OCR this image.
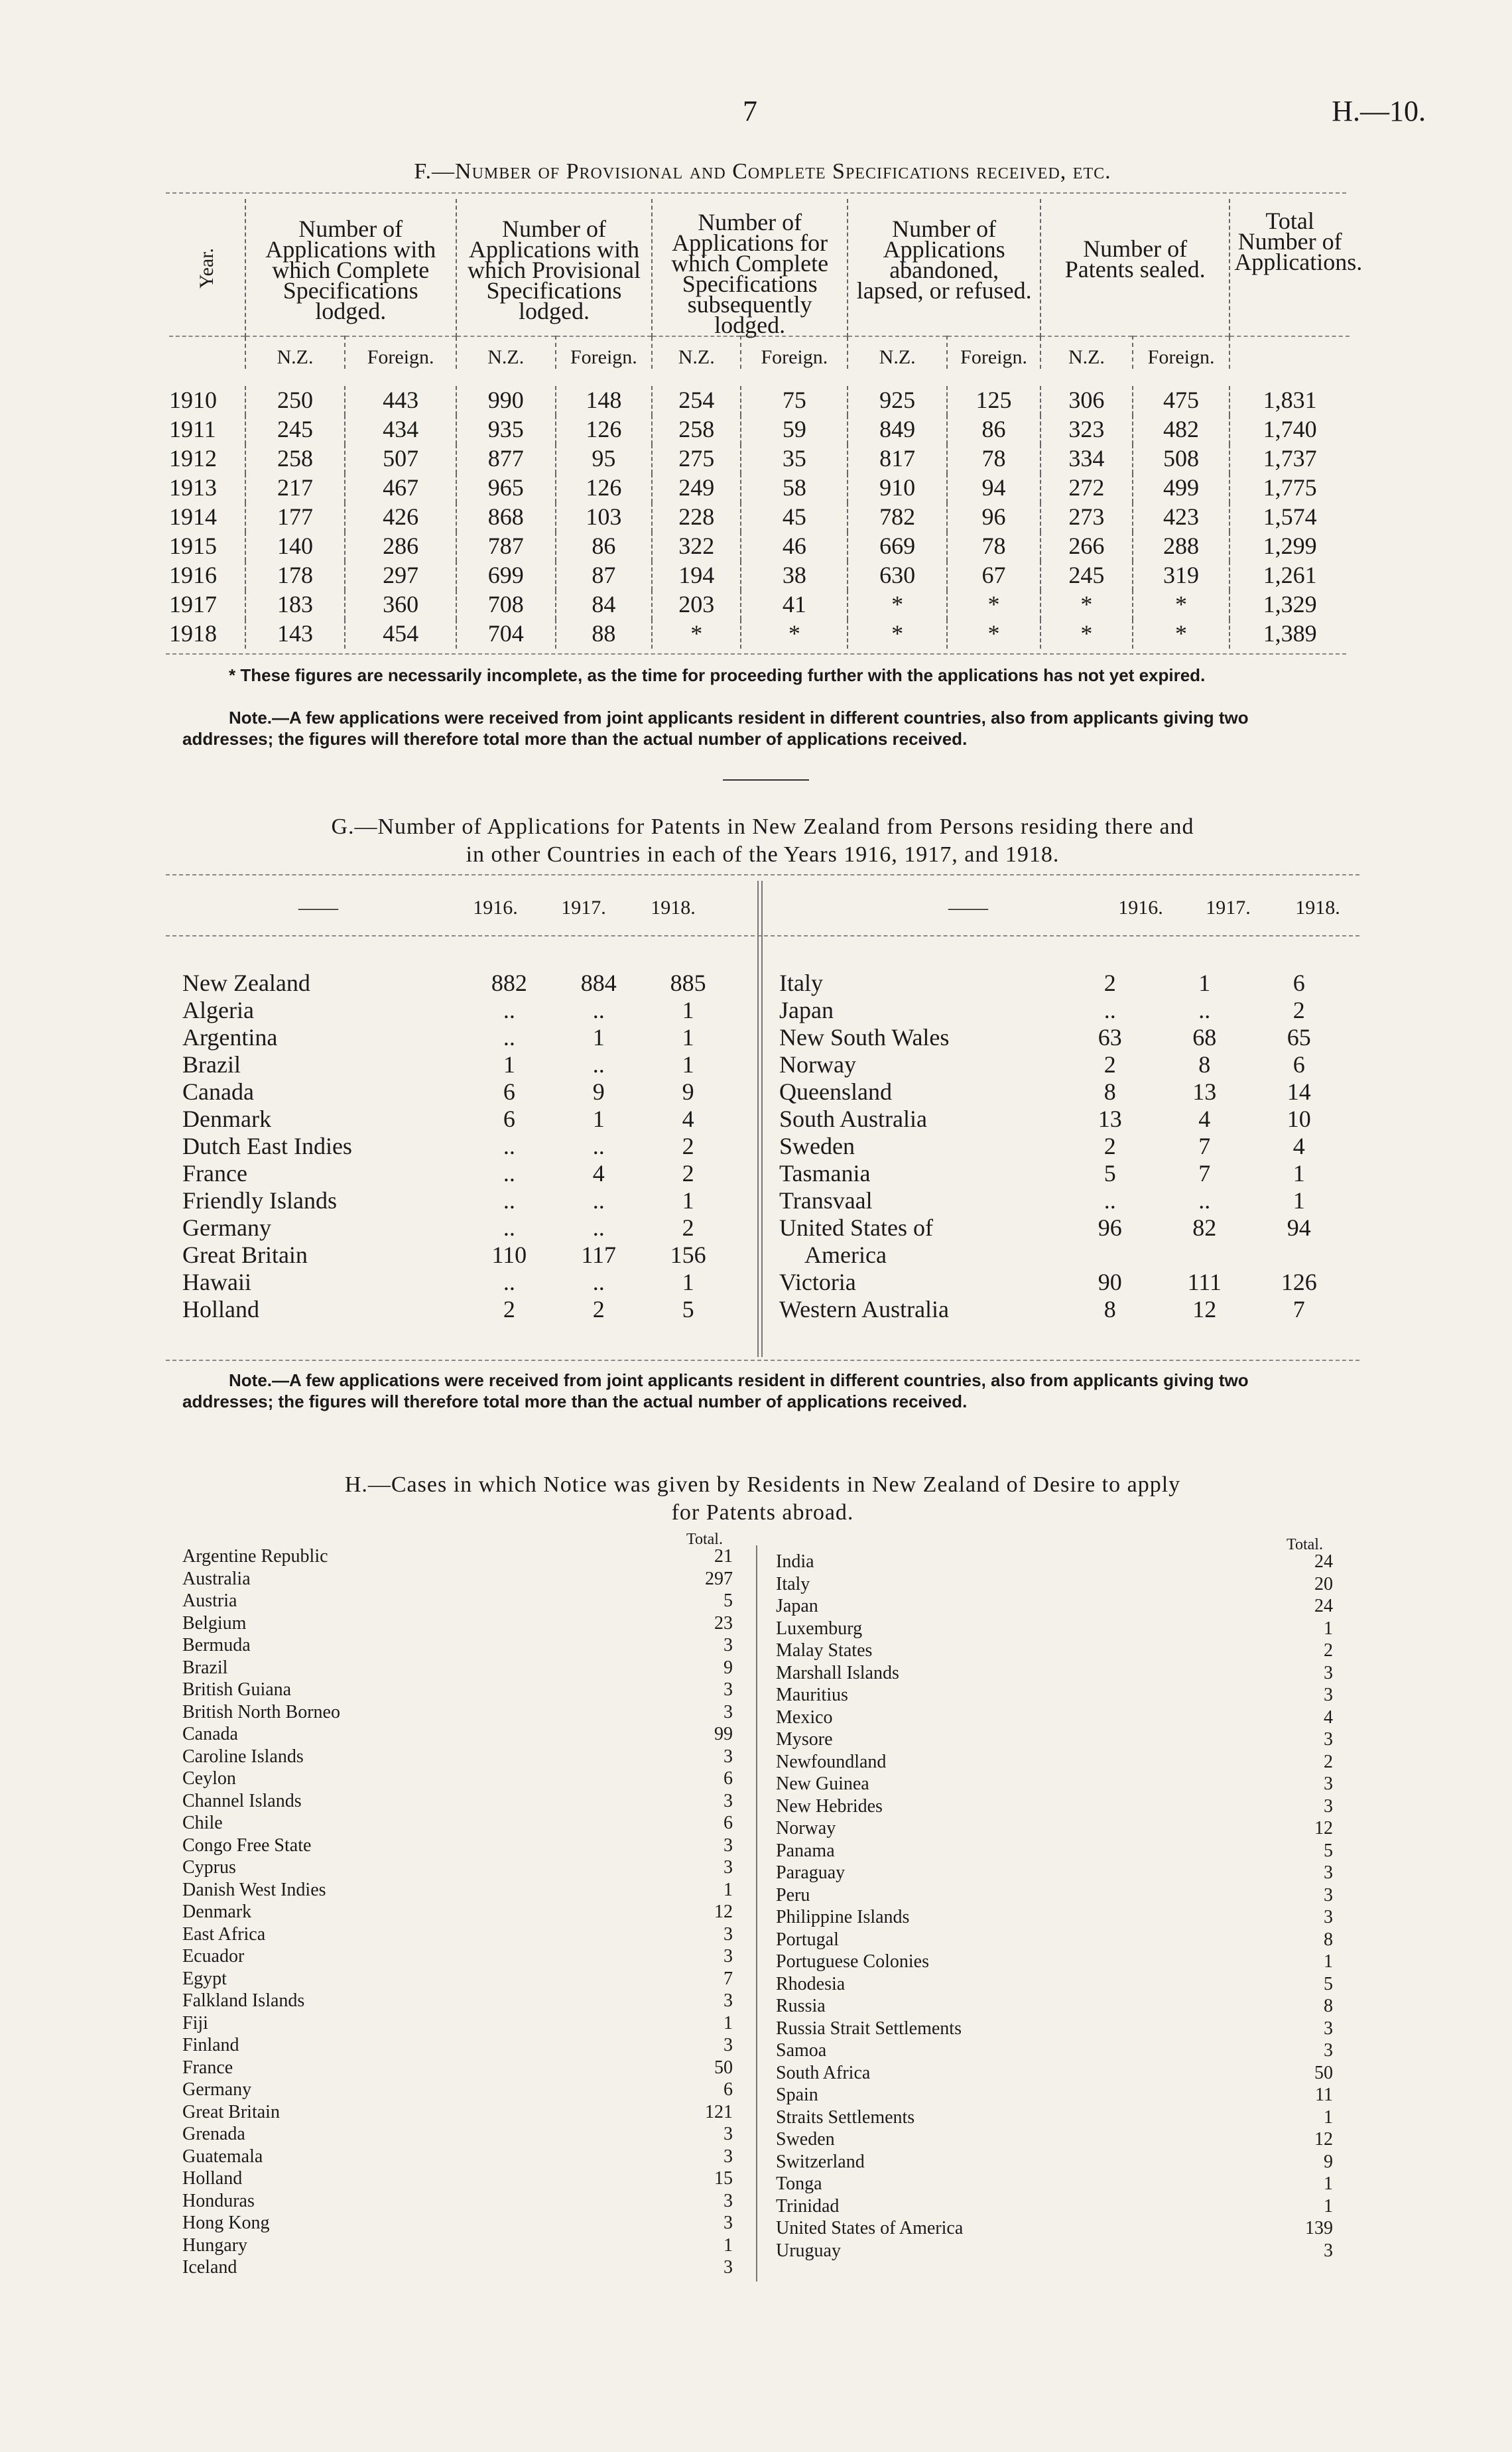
7	H.—10.
F.—Number of Provisional and Complete Specifications received, etc.
Year.	Number of Applications with which Complete Specifications lodged.		Number of Applications with which Provisional Specifications lodged.		Number of Applications for which Complete Specifications subsequently lodged.		Number of Applications abandoned, lapsed, or refused.		Number of Patents sealed.		Total Number of Applications.
	N.Z.	Foreign.	N.Z.	Foreign.	N.Z.	Foreign.	N.Z.	Foreign.	N.Z.	Foreign.	
1910	250	443	990	148	254	75	925	125	306	475	1,831
1911	245	434	935	126	258	59	849	86	323	482	1,740
1912	258	507	877	95	275	35	817	78	334	508	1,737
1913	217	467	965	126	249	58	910	94	272	499	1,775
1914	177	426	868	103	228	45	782	96	273	423	1,574
1915	140	286	787	86	322	46	669	78	266	288	1,299
1916	178	297	699	87	194	38	630	67	245	319	1,261
1917	183	360	708	84	203	41	*	*	*	*	1,329
1918	143	454	704	88	*	*	*	*	*	*	1,389
* These figures are necessarily incomplete, as the time for proceeding further with the applications has not yet expired.
Note.—A few applications were received from joint applicants resident in different countries, also from applicants giving two addresses; the figures will therefore total more than the actual number of applications received.
G.—Number of Applications for Patents in New Zealand from Persons residing there and
in other Countries in each of the Years 1916, 1917, and 1918.
——	1916.	1917.	1918.	——	1916.	1917.	1918.
New Zealand	882	884	885
Algeria	..	..	1
Argentina	..	1	1
Brazil	1	..	1
Canada	6	9	9
Denmark	6	1	4
Dutch East Indies	..	..	2
France	..	4	2
Friendly Islands	..	..	1
Germany	..	..	2
Great Britain	110	117	156
Hawaii	..	..	1
Holland	2	2	5
Italy	2	1	6
Japan	..	..	2
New South Wales	63	68	65
Norway	2	8	6
Queensland	8	13	14
South Australia	13	4	10
Sweden	2	7	4
Tasmania	5	7	1
Transvaal	..	..	1
United States of	96	82	94
America			
Victoria	90	111	126
Western Australia	8	12	7
Note.—A few applications were received from joint applicants resident in different countries, also from applicants giving two addresses; the figures will therefore total more than the actual number of applications received.
H.—Cases in which Notice was given by Residents in New Zealand of Desire to apply
for Patents abroad.
Total.	Total.
Argentine Republic	21
Australia	297
Austria	5
Belgium	23
Bermuda	3
Brazil	9
British Guiana	3
British North Borneo	3
Canada	99
Caroline Islands	3
Ceylon	6
Channel Islands	3
Chile	6
Congo Free State	3
Cyprus	3
Danish West Indies	1
Denmark	12
East Africa	3
Ecuador	3
Egypt	7
Falkland Islands	3
Fiji	1
Finland	3
France	50
Germany	6
Great Britain	121
Grenada	3
Guatemala	3
Holland	15
Honduras	3
Hong Kong	3
Hungary	1
Iceland	3
India	24
Italy	20
Japan	24
Luxemburg	1
Malay States	2
Marshall Islands	3
Mauritius	3
Mexico	4
Mysore	3
Newfoundland	2
New Guinea	3
New Hebrides	3
Norway	12
Panama	5
Paraguay	3
Peru	3
Philippine Islands	3
Portugal	8
Portuguese Colonies	1
Rhodesia	5
Russia	8
Russia Strait Settlements	3
Samoa	3
South Africa	50
Spain	11
Straits Settlements	1
Sweden	12
Switzerland	9
Tonga	1
Trinidad	1
United States of America	139
Uruguay	3
